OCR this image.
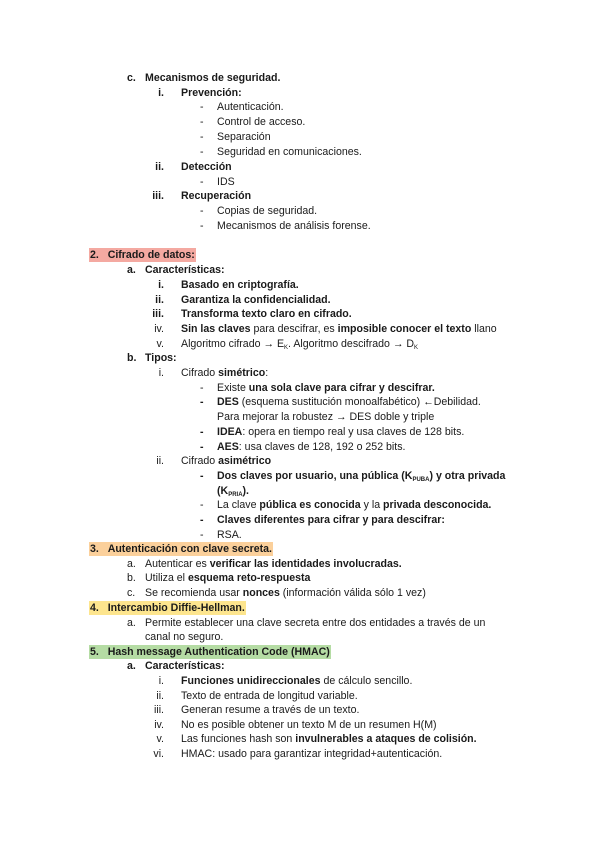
c. Mecanismos de seguridad.
i. Prevención:
- Autenticación.
- Control de acceso.
- Separación
- Seguridad en comunicaciones.
ii. Detección
- IDS
iii. Recuperación
- Copias de seguridad.
- Mecanismos de análisis forense.
2. Cifrado de datos:
a. Características:
i. Basado en criptografía.
ii. Garantiza la confidencialidad.
iii. Transforma texto claro en cifrado.
iv. Sin las claves para descifrar, es imposible conocer el texto llano
v. Algoritmo cifrado → $E_K$. Algoritmo descifrado → $D_K$
b. Tipos:
i. Cifrado simétrico:
- Existe una sola clave para cifrar y descifrar.
- DES (esquema sustitución monoalfabético) ←Debilidad.
Para mejorar la robustez → DES doble y triple
- IDEA: opera en tiempo real y usa claves de 128 bits.
- AES: usa claves de 128, 192 o 252 bits.
ii. Cifrado asimétrico
- Dos claves por usuario, una pública $(K_{PUBA})$ y otra privada
$(K_{PRIA})$.
- La clave pública es conocida y la privada desconocida.
- Claves diferentes para cifrar y para descifrar:
- RSA.
3. Autenticación con clave secreta.
a. Autenticar es verificar las identidades involucradas.
b. Utiliza el esquema reto-respuesta
c. Se recomienda usar nonces (información válida sólo 1 vez)
4. Intercambio Diffie-Hellman.
a. Permite establecer una clave secreta entre dos entidades a través de un
canal no seguro.
5. Hash message Authentication Code (HMAC)
a. Características:
i. Funciones unidireccionales de cálculo sencillo.
ii. Texto de entrada de longitud variable.
iii. Generan resume a través de un texto.
iv. No es posible obtener un texto M de un resumen H(M)
v. Las funciones hash son invulnerables a ataques de colisión.
vi. HMAC: usado para garantizar integridad+autenticación.
